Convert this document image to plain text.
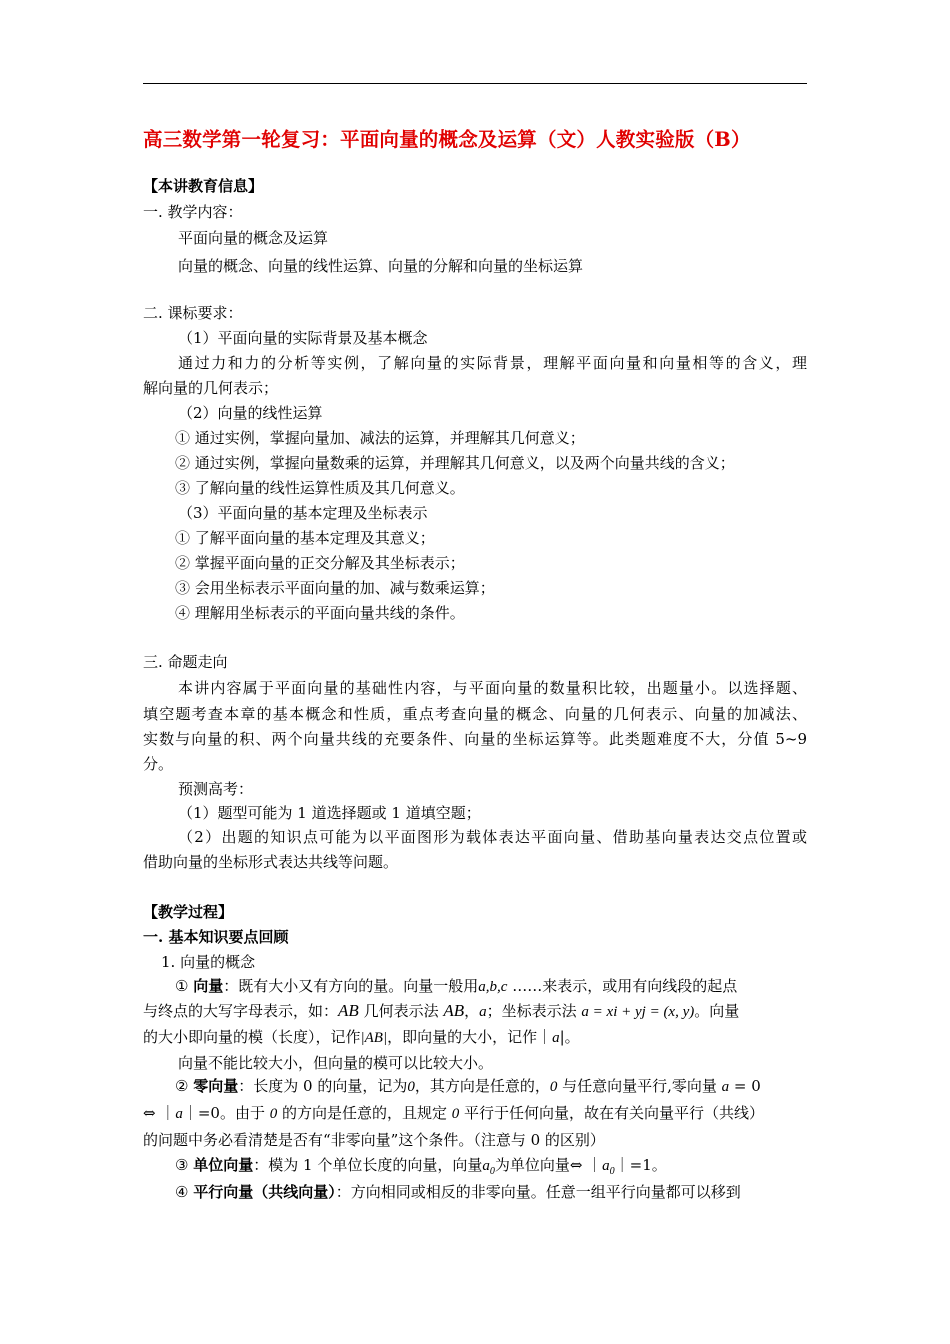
高三数学第一轮复习：平面向量的概念及运算（文）人教实验版（B）
【本讲教育信息】
一. 教学内容：
平面向量的概念及运算
向量的概念、向量的线性运算、向量的分解和向量的坐标运算
二. 课标要求：
（1）平面向量的实际背景及基本概念
通过力和力的分析等实例，了解向量的实际背景，理解平面向量和向量相等的含义，理
解向量的几何表示；
（2）向量的线性运算
① 通过实例，掌握向量加、减法的运算，并理解其几何意义；
② 通过实例，掌握向量数乘的运算，并理解其几何意义，以及两个向量共线的含义；
③ 了解向量的线性运算性质及其几何意义。
（3）平面向量的基本定理及坐标表示
① 了解平面向量的基本定理及其意义；
② 掌握平面向量的正交分解及其坐标表示；
③ 会用坐标表示平面向量的加、减与数乘运算；
④ 理解用坐标表示的平面向量共线的条件。
三. 命题走向
本讲内容属于平面向量的基础性内容，与平面向量的数量积比较，出题量小。以选择题、
填空题考查本章的基本概念和性质，重点考查向量的概念、向量的几何表示、向量的加减法、
实数与向量的积、两个向量共线的充要条件、向量的坐标运算等。此类题难度不大，分值 5~9
分。
预测高考：
（1）题型可能为 1 道选择题或 1 道填空题；
（2）出题的知识点可能为以平面图形为载体表达平面向量、借助基向量表达交点位置或
借助向量的坐标形式表达共线等问题。
【教学过程】
一. 基本知识要点回顾
1. 向量的概念
① 向量：既有大小又有方向的量。向量一般用a,b,c ……来表示，或用有向线段的起点
与终点的大写字母表示，如：AB 几何表示法 AB，a；坐标表示法 a = xi + yj = (x, y)。向量
的大小即向量的模（长度），记作|AB|，即向量的大小，记作｜a|。
向量不能比较大小，但向量的模可以比较大小。
② 零向量：长度为 0 的向量，记为0，其方向是任意的，0 与任意向量平行,零向量 a = 0
⇔ ｜a｜=0。由于 0 的方向是任意的，且规定 0 平行于任何向量，故在有关向量平行（共线）
的问题中务必看清楚是否有“非零向量”这个条件。（注意与 0 的区别）
③ 单位向量：模为 1 个单位长度的向量，向量$a_0$为单位向量⇔ $|a_0|=1$。
④ 平行向量（共线向量）：方向相同或相反的非零向量。任意一组平行向量都可以移到
